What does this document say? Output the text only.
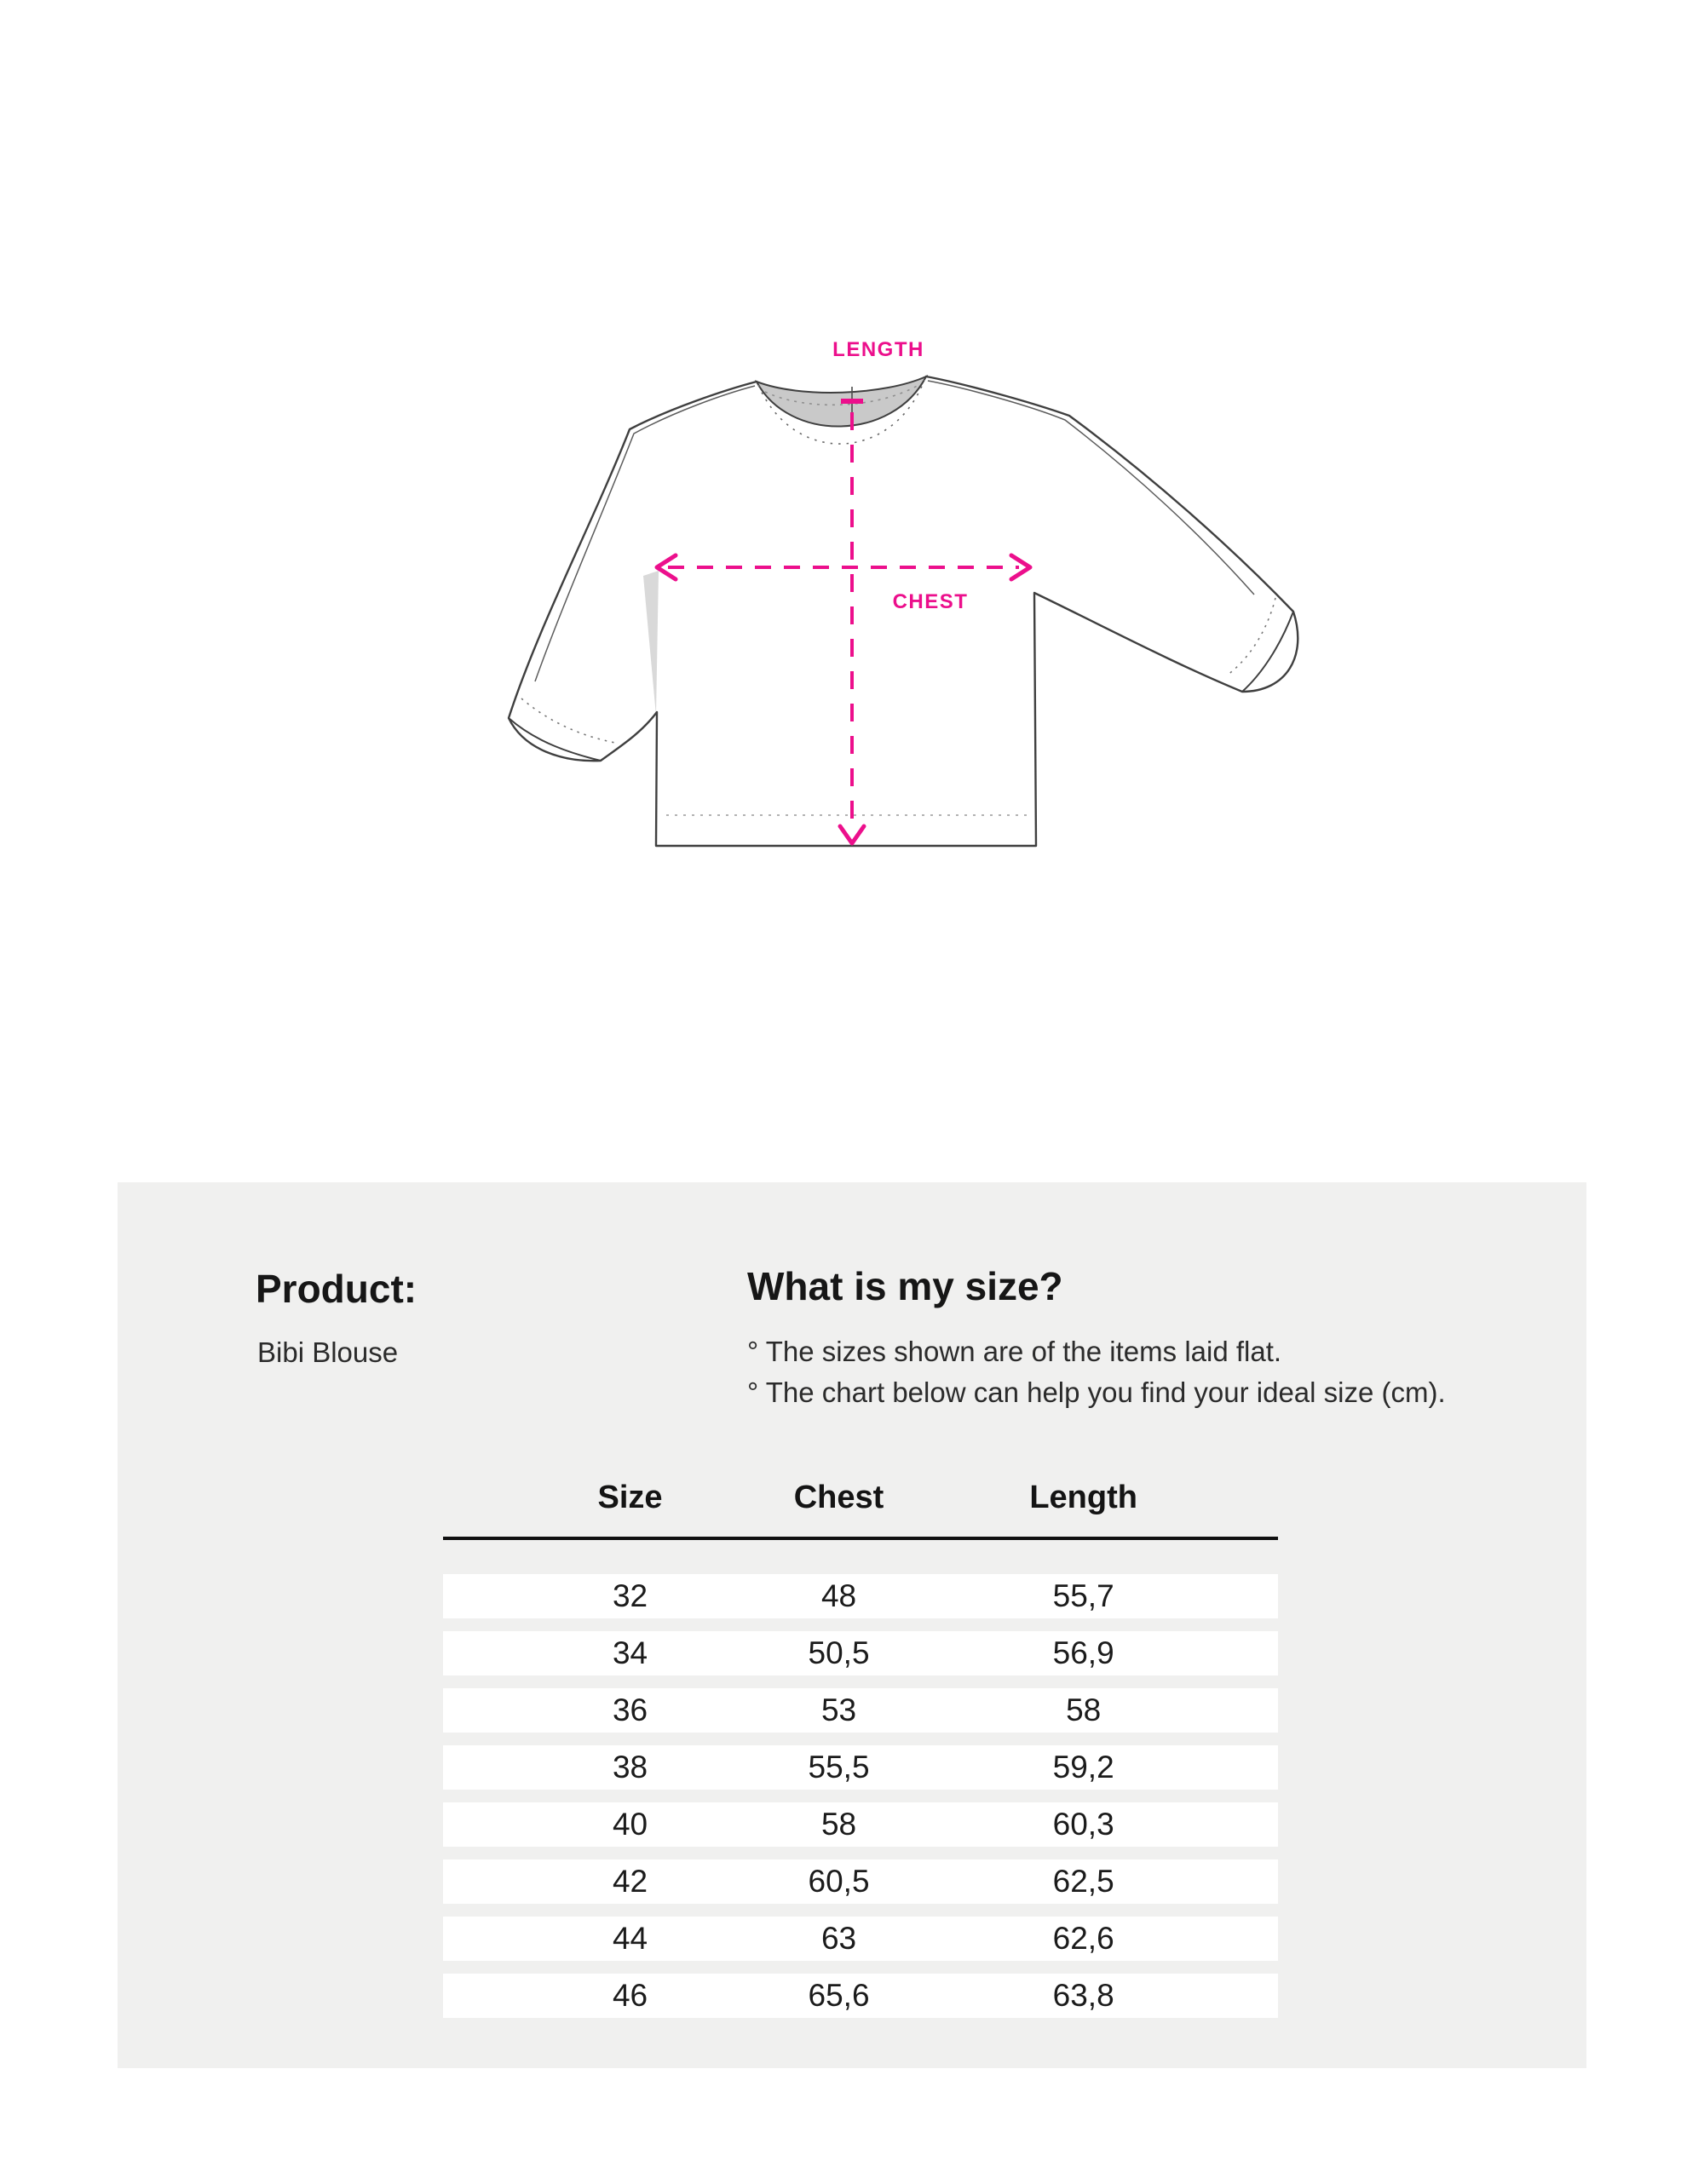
LENGTH
CHEST
Product:
Bibi Blouse
What is my size?
° The sizes shown are of the items laid flat.
° The chart below can help you find your ideal size (cm).
Size	Chest	Length
32	48	55,7
34	50,5	56,9
36	53	58
38	55,5	59,2
40	58	60,3
42	60,5	62,5
44	63	62,6
46	65,6	63,8
